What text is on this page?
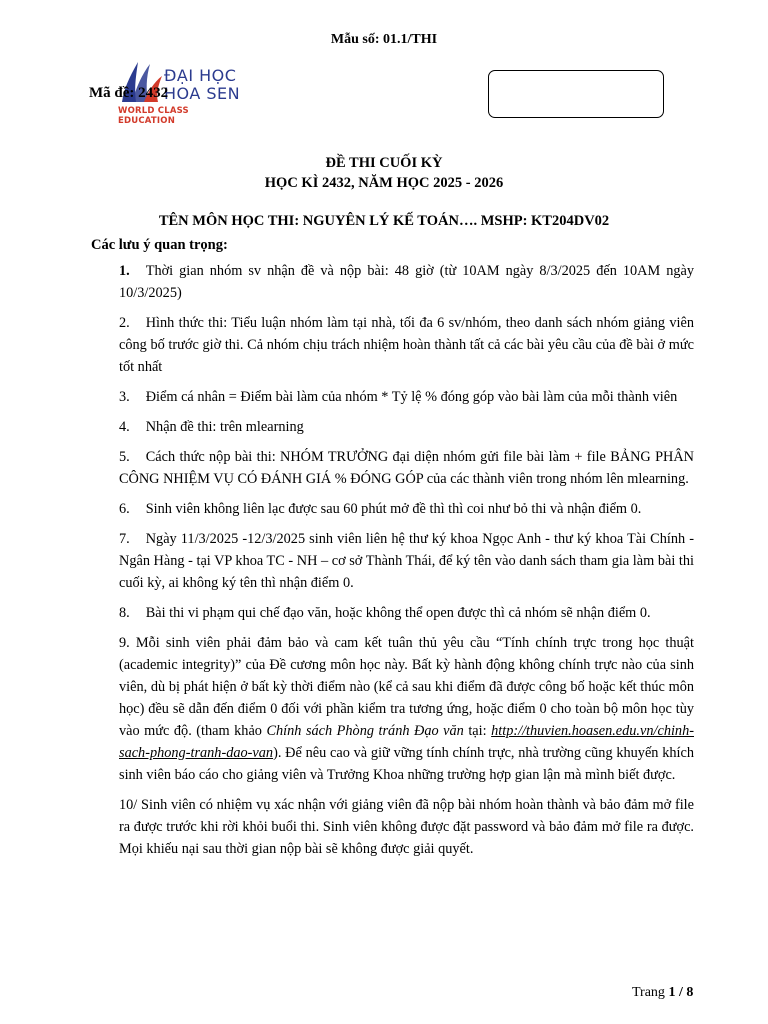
Mẫu số: 01.1/THI
ĐẠI HỌC
HOA SEN
WORLD CLASS EDUCATION
Mã đề: 2432
ĐỀ THI CUỐI KỲ
HỌC KÌ 2432, NĂM HỌC 2025 - 2026
TÊN MÔN HỌC THI: NGUYÊN LÝ KẾ TOÁN…. MSHP: KT204DV02
Các lưu ý quan trọng:

1. Thời gian nhóm sv nhận đề và nộp bài: 48 giờ (từ 10AM ngày 8/3/2025 đến 10AM ngày 10/3/2025)

2. Hình thức thi: Tiểu luận nhóm làm tại nhà, tối đa 6 sv/nhóm, theo danh sách nhóm giảng viên công bố trước giờ thi. Cả nhóm chịu trách nhiệm hoàn thành tất cả các bài yêu cầu của đề bài ở mức tốt nhất

3. Điểm cá nhân = Điểm bài làm của nhóm * Tỷ lệ % đóng góp vào bài làm của mỗi thành viên

4. Nhận đề thi: trên mlearning

5. Cách thức nộp bài thi: NHÓM TRƯỞNG đại diện nhóm gửi file bài làm + file BẢNG PHÂN CÔNG NHIỆM VỤ CÓ ĐÁNH GIÁ % ĐÓNG GÓP của các thành viên trong nhóm lên mlearning.

6. Sinh viên không liên lạc được sau 60 phút mở đề thì thì coi như bỏ thi và nhận điểm 0.

7. Ngày 11/3/2025 -12/3/2025 sinh viên liên hệ thư ký khoa Ngọc Anh - thư ký khoa Tài Chính - Ngân Hàng - tại VP khoa TC - NH – cơ sở Thành Thái, để ký tên vào danh sách tham gia làm bài thi cuối kỳ, ai không ký tên thì nhận điểm 0.

8. Bài thi vi phạm qui chế đạo văn, hoặc không thể open được thì cả nhóm sẽ nhận điểm 0.

9. Mỗi sinh viên phải đảm bảo và cam kết tuân thủ yêu cầu “Tính chính trực trong học thuật (academic integrity)” của Đề cương môn học này. Bất kỳ hành động không chính trực nào của sinh viên, dù bị phát hiện ở bất kỳ thời điểm nào (kể cả sau khi điểm đã được công bố hoặc kết thúc môn học) đều sẽ dẫn đến điểm 0 đối với phần kiểm tra tương ứng, hoặc điểm 0 cho toàn bộ môn học tùy vào mức độ. (tham khảo Chính sách Phòng tránh Đạo văn tại: http://thuvien.hoasen.edu.vn/chinh-sach-phong-tranh-dao-van). Để nêu cao và giữ vững tính chính trực, nhà trường cũng khuyến khích sinh viên báo cáo cho giảng viên và Trưởng Khoa những trường hợp gian lận mà mình biết được.

10/ Sinh viên có nhiệm vụ xác nhận với giảng viên đã nộp bài nhóm hoàn thành và bảo đảm mở file ra được trước khi rời khỏi buổi thi. Sinh viên không được đặt password và bảo đảm mở file ra được. Mọi khiếu nại sau thời gian nộp bài sẽ không được giải quyết.

Trang 1 / 8
